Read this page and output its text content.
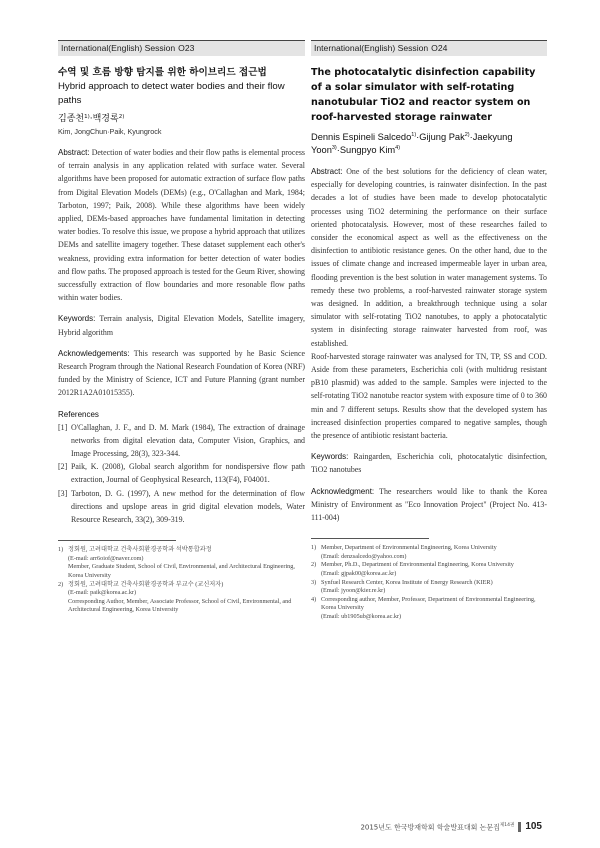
International(English) Session O23
수역 및 흐름 방향 탐지를 위한 하이브리드 접근법
Hybrid approach to detect water bodies and their flow paths
김종천$^{1)}$·백경록$^{2)}$
Kim, JongChun·Paik, Kyungrock

Abstract: Detection of water bodies and their flow paths is elemental process of terrain analysis in any application related with surface water. Several algorithms have been proposed for automatic extraction of surface flow paths from Digital Elevation Models (DEMs) (e.g., O'Callaghan and Mark, 1984; Tarboton, 1997; Paik, 2008). While these algorithms have been widely applied, DEMs-based approaches have fundamental limitation in detecting water bodies. To resolve this issue, we propose a hybrid approach that utilizes DEMs and satellite imagery together. These dataset supplement each other's weakness, providing extra information for better detection of water bodies and flow paths. The proposed approach is tested for the Geum River, showing successfully extraction of flow boundaries and more resonable flow paths within water bodies.

Keywords: Terrain analysis, Digital Elevation Models, Satellite imagery, Hybrid algorithm

Acknowledgements: This research was supported by he Basic Science Research Program through the National Research Foundation of Korea (NRF) funded by the Ministry of Science, ICT and Future Planning (grant number 2012R1A2A01015355).

References
[1] O'Callaghan, J. F., and D. M. Mark (1984), The extraction of drainage networks from digital elevation data, Computer Vision, Graphics, and Image Processing, 28(3), 323-344.
[2] Paik, K. (2008), Global search algorithm for nondispersive flow path extraction, Journal of Geophysical Research, 113(F4), F04001.
[3] Tarboton, D. G. (1997), A new method for the determination of flow directions and upslope areas in grid digital elevation models, Water Resource Research, 33(2), 309-319.
1) 정회원, 고려대학교 건축사회환경공학과 석박통합과정
(E-mail: arr6oiof@naver.com)
Member, Graduate Student, School of Civil, Environmental, and Architectural Engineering, Korea University
2) 정회원, 고려대학교 건축사회환경공학과 부교수 (교신저자)
(E-mail: paik@korea.ac.kr)
Corresponding Author, Member, Associate Professor, School of Civil, Environmental, and Architectural Engineering, Korea University
International(English) Session O24
The photocatalytic disinfection capability of a solar simulator with self-rotating nanotubular TiO2 and reactor system on roof-harvested storage rainwater
Dennis Espineli Salcedo$^{1)}$·Gijung Pak$^{2)}$·Jaekyung Yoon$^{3)}$·Sungpyo Kim$^{4)}$

Abstract: One of the best solutions for the deficiency of clean water, especially for developing countries, is rainwater disinfection. In the past decades a lot of studies have been made to develop photocatalytic processes using TiO2 determining the performance on their surface oriented photocatalysis. However, most of these researches failed to consider the economical aspect as well as the effectiveness on the disinfection to antibiotic resistance genes. On the other hand, due to the issues of climate change and increased impermeable layer in urban area, flooding prevention is the best solution in water management systems. To remedy these two problems, a roof-harvested rainwater storage system was designed. In addition, a breakthrough technique using a solar simulator with self-rotating TiO2 nanotubes, to apply a photocatalytic system in disinfecting storage rainwater harvested from roof, was established.

Roof-harvested storage rainwater was analysed for TN, TP, SS and COD. Aside from these parameters, Escherichia coli (with multidrug resistant pB10 plasmid) was added to the sample. Samples were injected to the self-rotating TiO2 nanotube reactor system with exposure time of 0 to 360 min and 7 different setups. Results show that the developed system has increased disinfection properties compared to negative samples, though the presence of antibiotic resistant bacteria.

Keywords: Raingarden, Escherichia coli, photocatalytic disinfection, TiO2 nanotubes

Acknowledgment: The researchers would like to thank the Korea Ministry of Environment as "Eco Innovation Project" (Project No. 413-111-004)

1) Member, Department of Environmental Engineering, Korea University
(Email: denzsalcedo@yahoo.com)
2) Member, Ph.D., Department of Environmental Engineering, Korea University
(Email: gjpak00@korea.ac.kr)
3) Synfuel Research Center, Korea Institute of Energy Research (KIER)
(Email: jyoon@kier.re.kr)
4) Corresponding author, Member, Professor, Department of Environmental Engineering, Korea University
(Email: ub1905ub@korea.ac.kr)
2015년도 한국방재학회 학술발표대회 논문집$^{제14권}$ 105
